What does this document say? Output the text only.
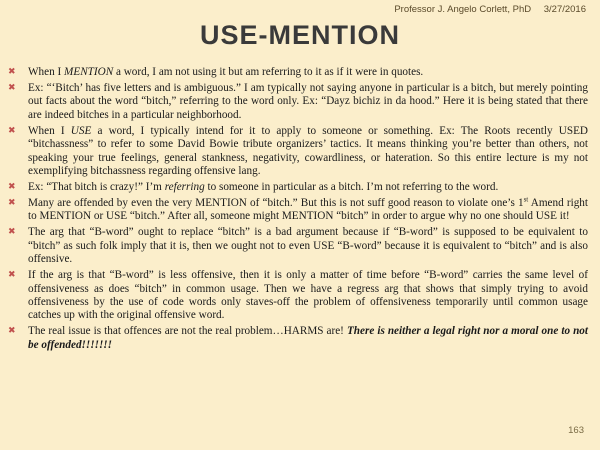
Professor J. Angelo Corlett, PhD 3/27/2016
USE-MENTION
✖ When I MENTION a word, I am not using it but am referring to it as if it were in quotes.
✖ Ex: “‘Bitch’ has five letters and is ambiguous.” I am typically not saying anyone in particular is a bitch, but merely pointing out facts about the word “bitch,” referring to the word only. Ex: “Dayz bichiz in da hood.” Here it is being stated that there are indeed bitches in a particular neighborhood.
✖ When I USE a word, I typically intend for it to apply to someone or something. Ex: The Roots recently USED “bitchassness” to refer to some David Bowie tribute organizers’ tactics. It means thinking you’re better than others, not speaking your true feelings, general stankness, negativity, cowardliness, or hateration. So this entire lecture is my not exemplifying bitchassness regarding offensive lang.
✖ Ex: “That bitch is crazy!” I’m referring to someone in particular as a bitch. I’m not referring to the word.
✖ Many are offended by even the very MENTION of “bitch.” But this is not suff good reason to violate one’s 1st Amend right to MENTION or USE “bitch.” After all, someone might MENTION “bitch” in order to argue why no one should USE it!
✖ The arg that “B-word” ought to replace “bitch” is a bad argument because if “B-word” is supposed to be equivalent to “bitch” as such folk imply that it is, then we ought not to even USE “B-word” because it is equivalent to “bitch” and is also offensive.
✖ If the arg is that “B-word” is less offensive, then it is only a matter of time before “B-word” carries the same level of offensiveness as does “bitch” in common usage. Then we have a regress arg that shows that simply trying to avoid offensiveness by the use of code words only staves-off the problem of offensiveness temporarily until common usage catches up with the original offensive word.
✖ The real issue is that offences are not the real problem…HARMS are! There is neither a legal right nor a moral one to not be offended!!!!!!!
163
